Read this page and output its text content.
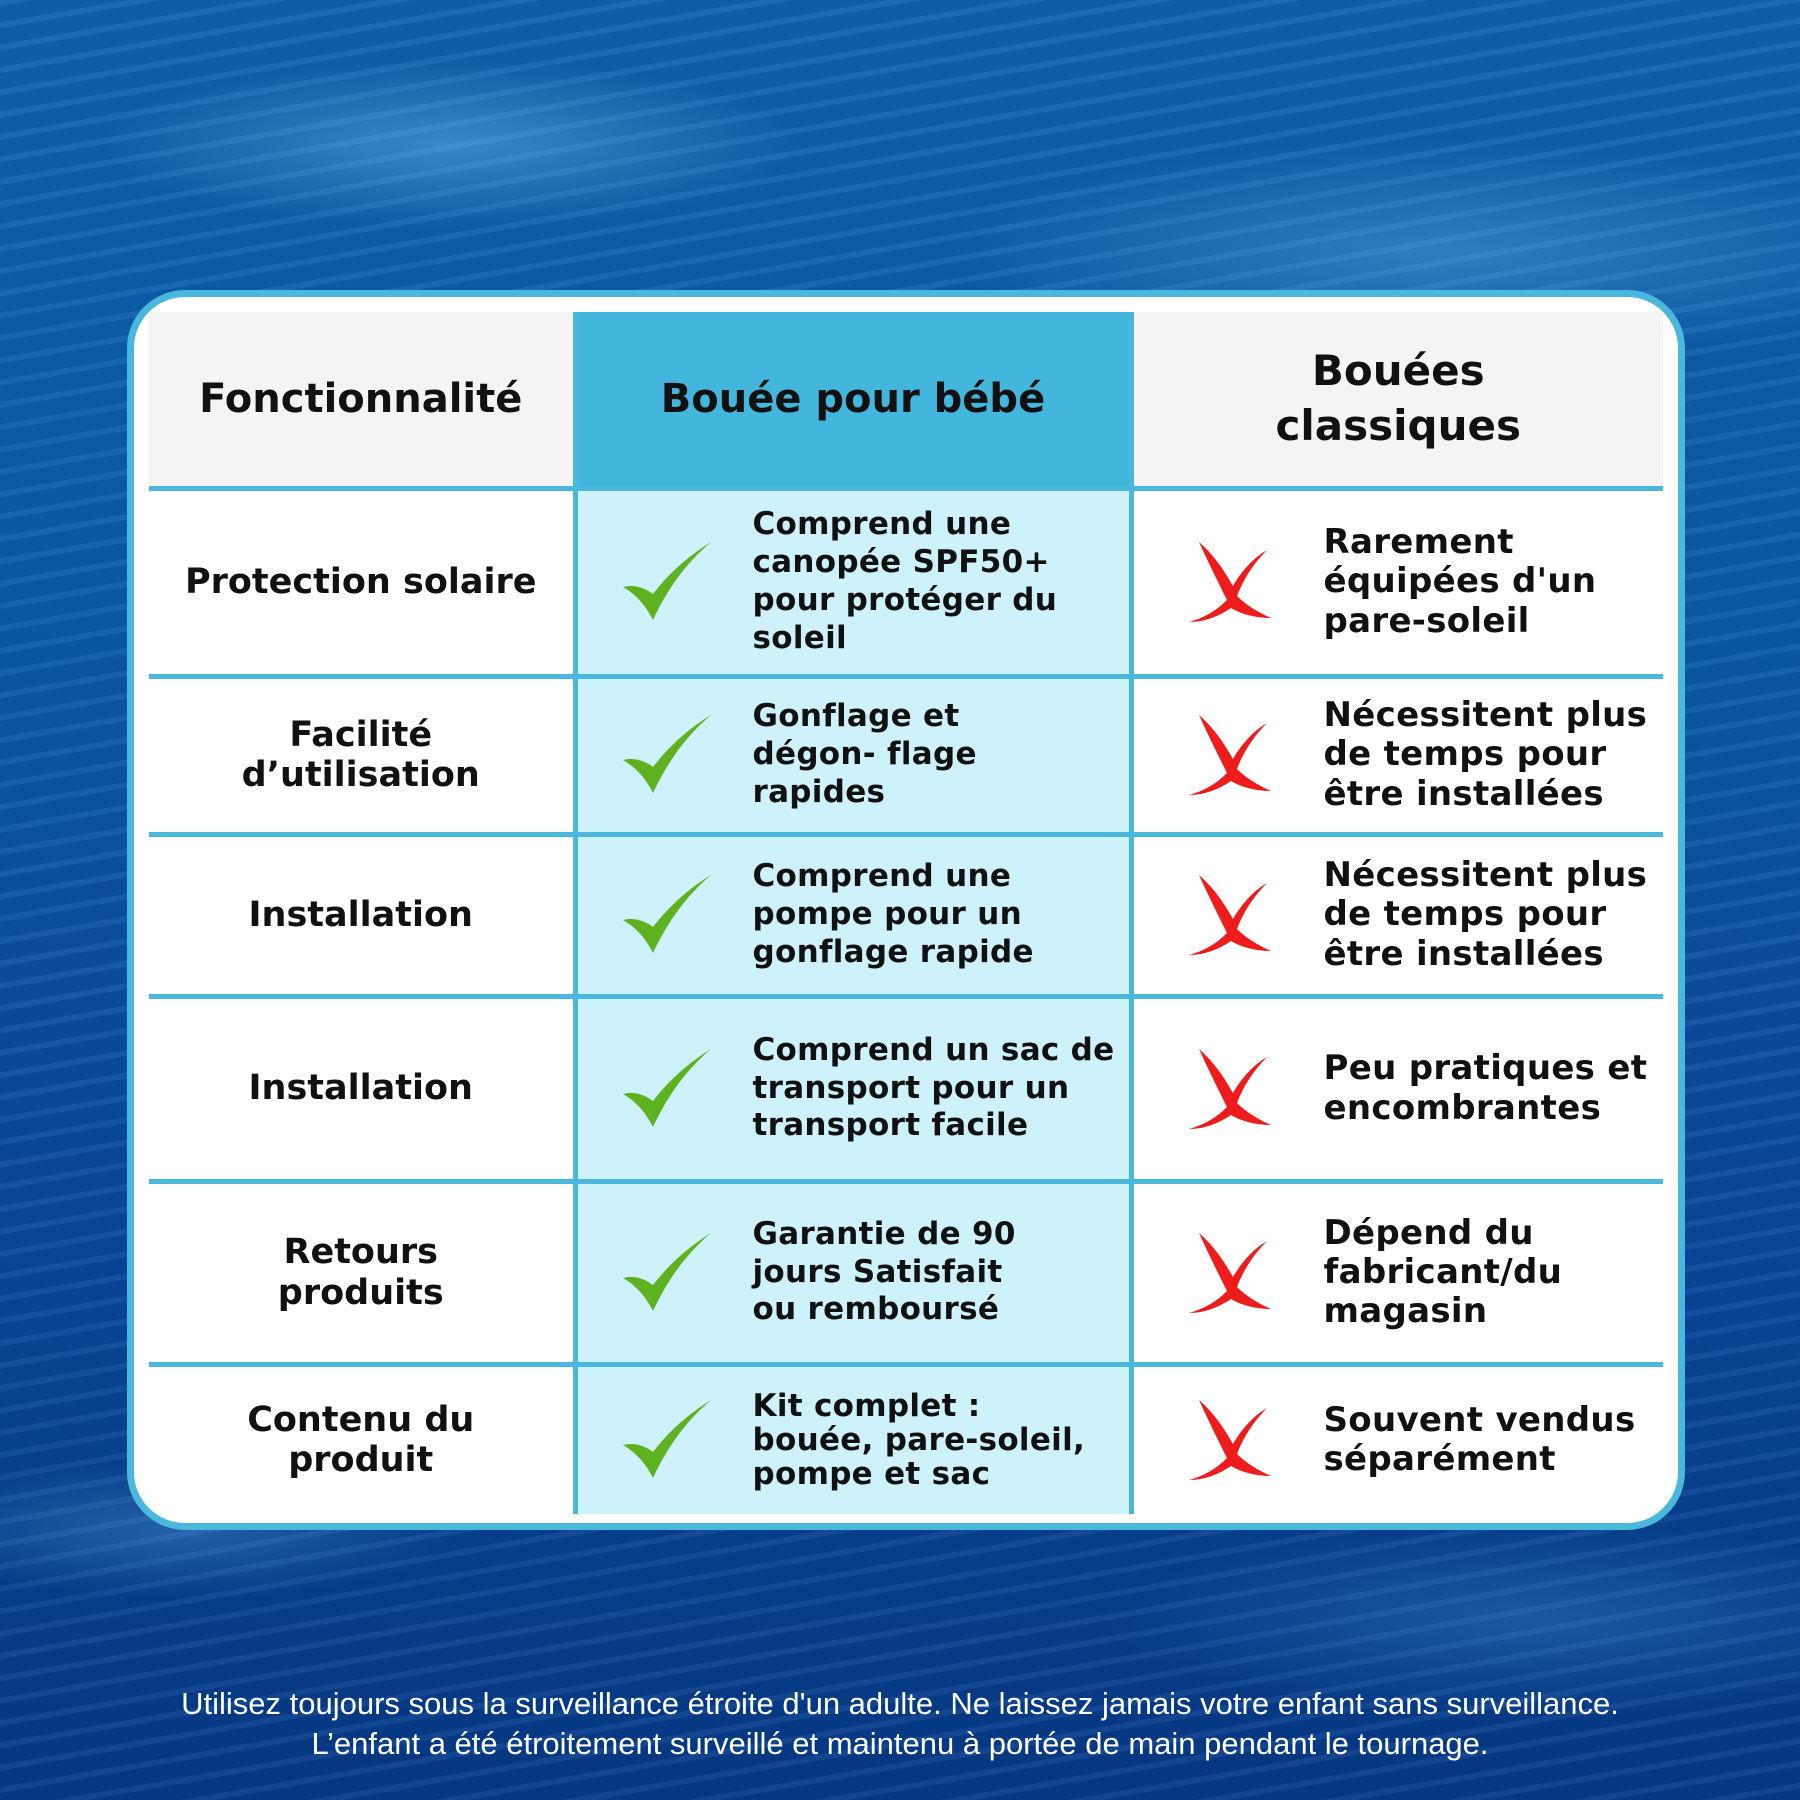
Fonctionnalité	Bouée pour bébé	Bouées classiques
Protection solaire	Comprend une canopée SPF50+ pour protéger du soleil	Rarement équipées d'un pare-soleil

Facilité d’utilisation	Gonflage et dégon- flage rapides	Nécessitent plus de temps pour être installées

Installation	Comprend une pompe pour un gonflage rapide	Nécessitent plus de temps pour être installées

Installation	Comprend un sac de transport pour un transport facile	Peu pratiques et encombrantes

Retours produits	Garantie de 90 jours Satisfait ou remboursé	Dépend du fabricant/du magasin

Contenu du produit	Kit complet : bouée, pare-soleil, pompe et sac	Souvent vendus séparément
Utilisez toujours sous la surveillance étroite d'un adulte. Ne laissez jamais votre enfant sans surveillance.
L’enfant a été étroitement surveillé et maintenu à portée de main pendant le tournage.
